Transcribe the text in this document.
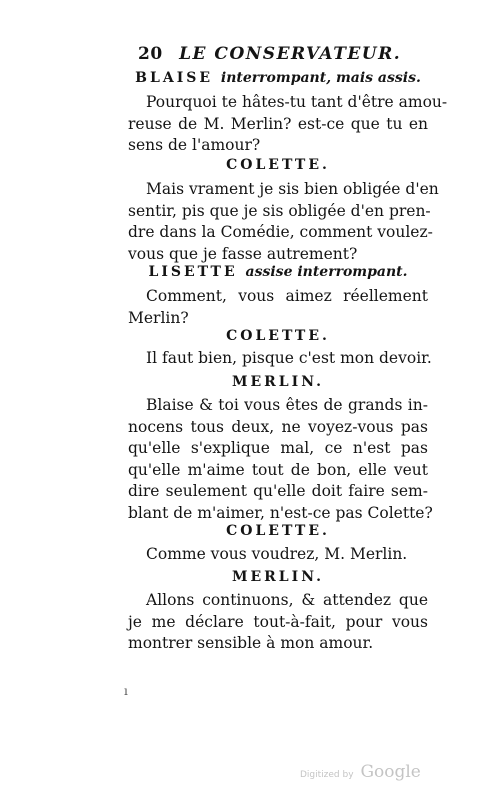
20 LE CONSERVATEUR.
BLAISE interrompant, mais assis.
Pourquoi te hâtes-tu tant d'être amou-
reuse de M. Merlin? est-ce que tu en
sens de l'amour?
COLETTE.
Mais vrament je sis bien obligée d'en
sentir, pis que je sis obligée d'en pren-
dre dans la Comédie, comment voulez-
vous que je fasse autrement?
LISETTE assise interrompant.
Comment, vous aimez réellement
Merlin?
COLETTE.
Il faut bien, pisque c'est mon devoir.
MERLIN.
Blaise & toi vous êtes de grands in-
nocens tous deux, ne voyez-vous pas
qu'elle s'explique mal, ce n'est pas
qu'elle m'aime tout de bon, elle veut
dire seulement qu'elle doit faire sem-
blant de m'aimer, n'est-ce pas Colette?
COLETTE.
Comme vous voudrez, M. Merlin.
MERLIN.
Allons continuons, & attendez que
je me déclare tout-à-fait, pour vous
montrer sensible à mon amour.
ı
Digitized by Google
